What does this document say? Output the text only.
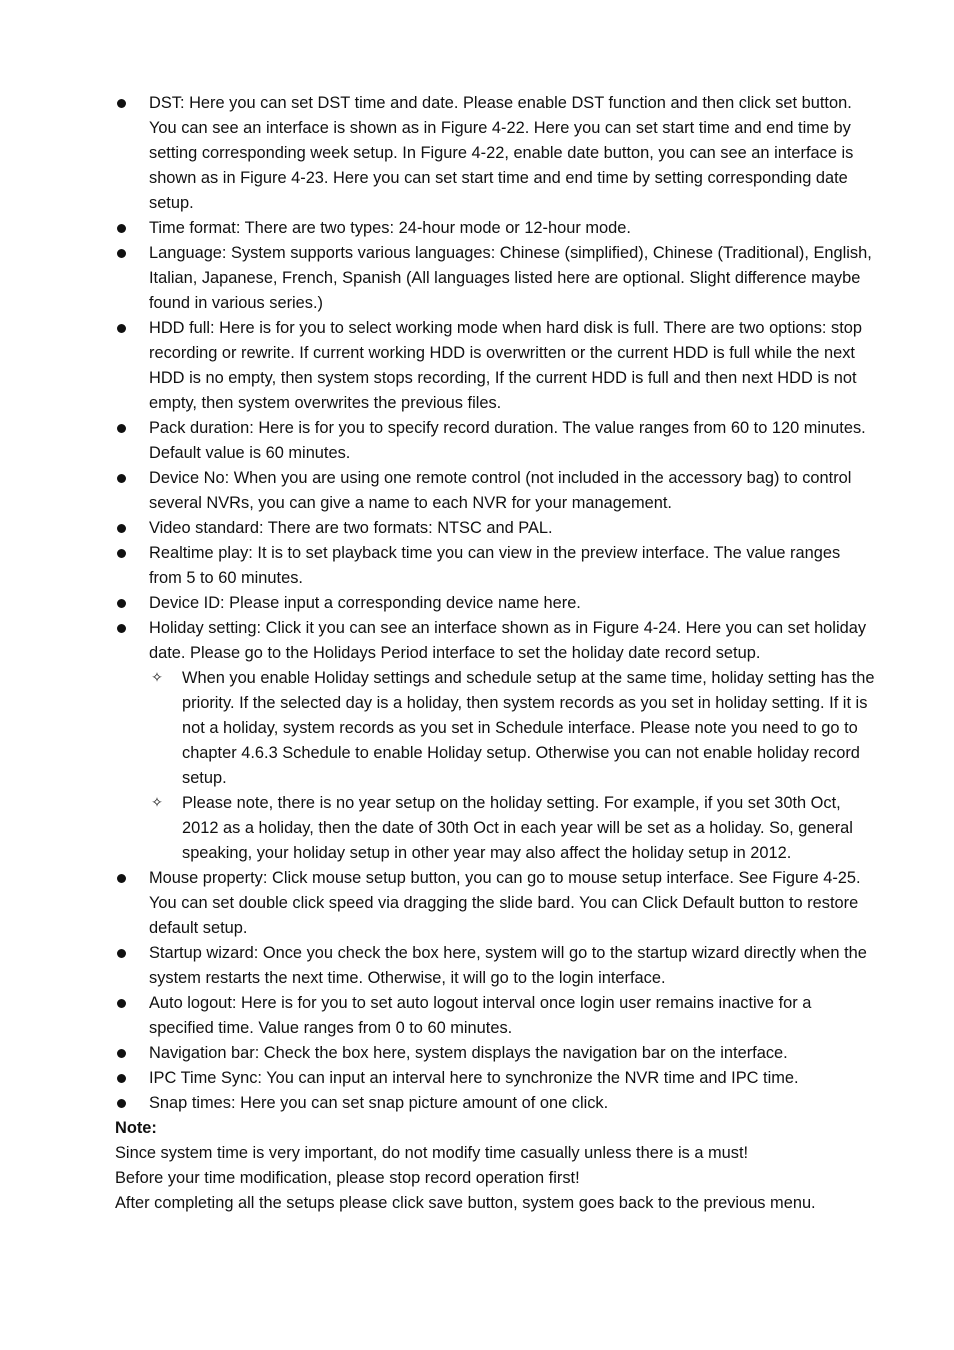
DST: Here you can set DST time and date. Please enable DST function and then click set button. You can see an interface is shown as in Figure 4-22. Here you can set start time and end time by setting corresponding week setup. In Figure 4-22, enable date button, you can see an interface is shown as in Figure 4-23. Here you can set start time and end time by setting corresponding date setup.
Time format: There are two types: 24-hour mode or 12-hour mode.
Language: System supports various languages: Chinese (simplified), Chinese (Traditional), English, Italian, Japanese, French, Spanish (All languages listed here are optional. Slight difference maybe found in various series.)
HDD full: Here is for you to select working mode when hard disk is full. There are two options: stop recording or rewrite. If current working HDD is overwritten or the current HDD is full while the next HDD is no empty, then system stops recording, If the current HDD is full and then next HDD is not empty, then system overwrites the previous files.
Pack duration: Here is for you to specify record duration. The value ranges from 60 to 120 minutes. Default value is 60 minutes.
Device No: When you are using one remote control (not included in the accessory bag) to control several NVRs, you can give a name to each NVR for your management.
Video standard: There are two formats: NTSC and PAL.
Realtime play: It is to set playback time you can view in the preview interface. The value ranges from 5 to 60 minutes.
Device ID: Please input a corresponding device name here.
Holiday setting: Click it you can see an interface shown as in Figure 4-24. Here you can set holiday date. Please go to the Holidays Period interface to set the holiday date record setup.
✧ When you enable Holiday settings and schedule setup at the same time, holiday setting has the priority. If the selected day is a holiday, then system records as you set in holiday setting. If it is not a holiday, system records as you set in Schedule interface. Please note you need to go to chapter 4.6.3 Schedule to enable Holiday setup. Otherwise you can not enable holiday record setup.
✧ Please note, there is no year setup on the holiday setting. For example, if you set 30th Oct, 2012 as a holiday, then the date of 30th Oct in each year will be set as a holiday. So, general speaking, your holiday setup in other year may also affect the holiday setup in 2012.
Mouse property: Click mouse setup button, you can go to mouse setup interface. See Figure 4-25. You can set double click speed via dragging the slide bard. You can Click Default button to restore default setup.
Startup wizard: Once you check the box here, system will go to the startup wizard directly when the system restarts the next time. Otherwise, it will go to the login interface.
Auto logout: Here is for you to set auto logout interval once login user remains inactive for a specified time. Value ranges from 0 to 60 minutes.
Navigation bar: Check the box here, system displays the navigation bar on the interface.
IPC Time Sync: You can input an interval here to synchronize the NVR time and IPC time.
Snap times: Here you can set snap picture amount of one click.
Note:
Since system time is very important, do not modify time casually unless there is a must!
Before your time modification, please stop record operation first!
After completing all the setups please click save button, system goes back to the previous menu.
